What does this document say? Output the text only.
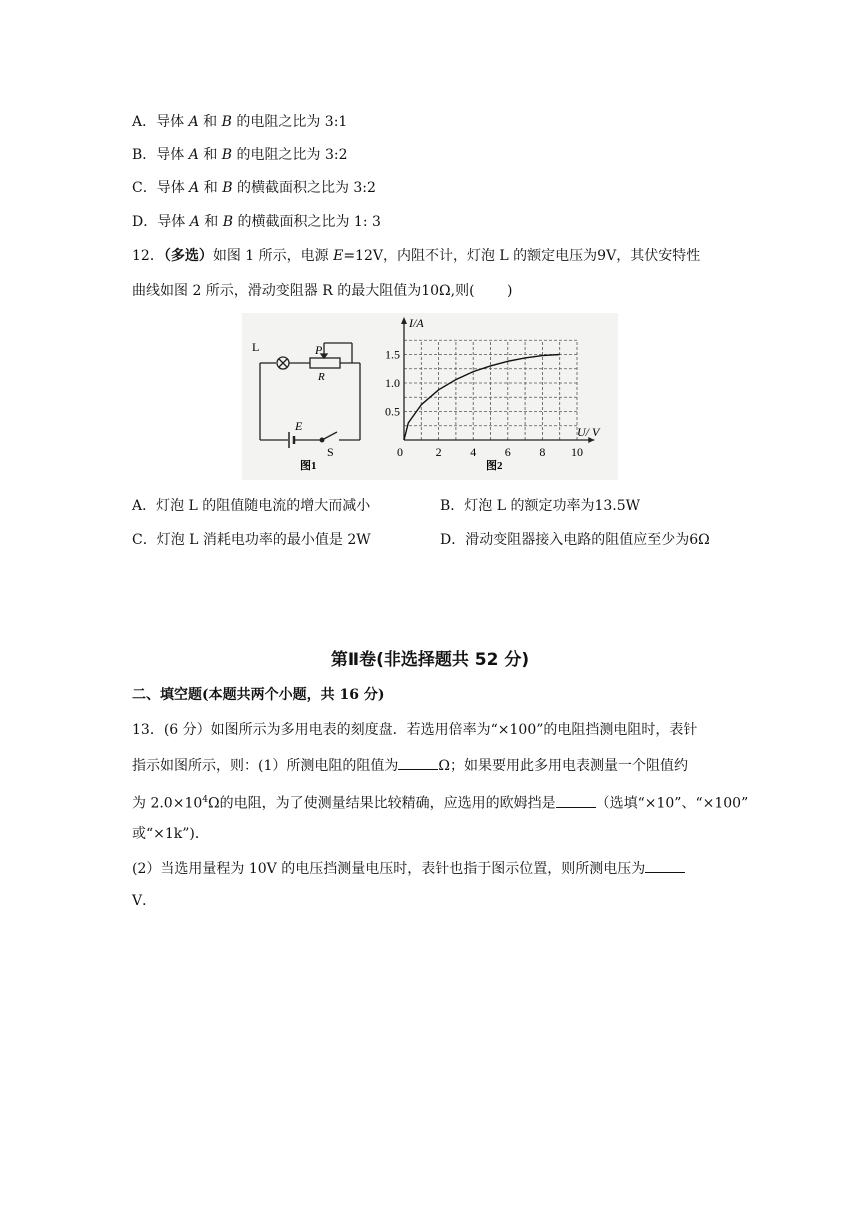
A．导体 A 和 B 的电阻之比为 3:1
B．导体 A 和 B 的电阻之比为 3:2
C．导体 A 和 B 的横截面积之比为 3:2
D．导体 A 和 B 的横截面积之比为 1: 3
12．（多选）如图 1 所示，电源 E=12V，内阻不计，灯泡 L 的额定电压为9V，其伏安特性
曲线如图 2 所示，滑动变阻器 R 的最大阻值为10Ω,则(　　 )
L	P
R
E
S
图1
2 4 6 8 10
0.5
1.0
1.5
I/A
U/ V
0
图2
A．灯泡 L 的阻值随电流的增大而减小	B．灯泡 L 的额定功率为13.5W
C．灯泡 L 消耗电功率的最小值是 2W	D．滑动变阻器接入电路的阻值应至少为6Ω
第Ⅱ卷(非选择题共 52 分)
二、填空题(本题共两个小题，共 16 分)
13．(6 分）如图所示为多用电表的刻度盘．若选用倍率为“×100”的电阻挡测电阻时，表针
指示如图所示，则：(1）所测电阻的阻值为	Ω；如果要用此多用电表测量一个阻值约
为 $2.0\times 10^4\Omega$的电阻，为了使测量结果比较精确，应选用的欧姆挡是	（选填“×10”、“×100”
或“×1k”)．
(2）当选用量程为 10V 的电压挡测量电压时，表针也指于图示位置，则所测电压为
V．
